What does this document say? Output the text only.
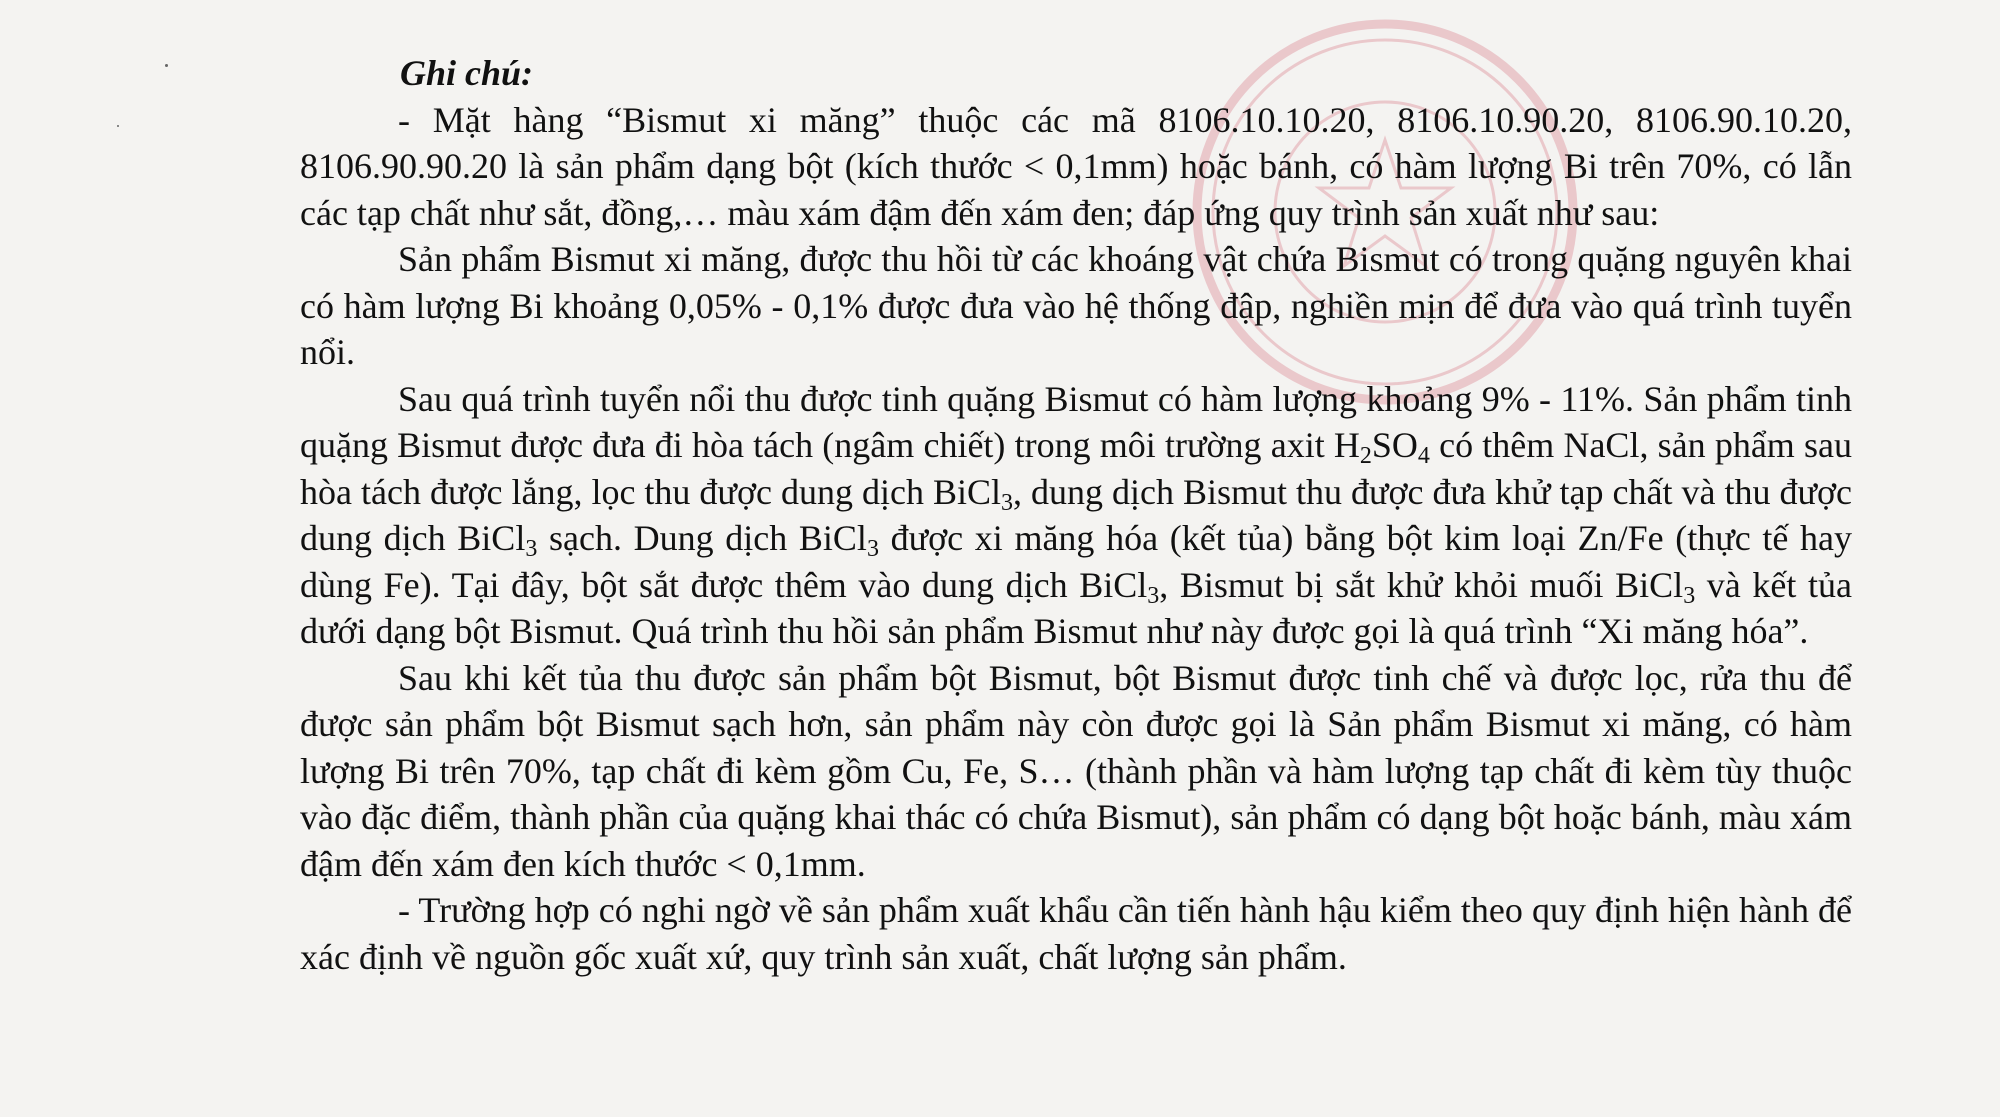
Ghi chú:

- Mặt hàng “Bismut xi măng” thuộc các mã 8106.10.10.20, 8106.10.90.20, 8106.90.10.20, 8106.90.90.20 là sản phẩm dạng bột (kích thước < 0,1mm) hoặc bánh, có hàm lượng Bi trên 70%, có lẫn các tạp chất như sắt, đồng,… màu xám đậm đến xám đen; đáp ứng quy trình sản xuất như sau:

Sản phẩm Bismut xi măng, được thu hồi từ các khoáng vật chứa Bismut có trong quặng nguyên khai có hàm lượng Bi khoảng 0,05% - 0,1% được đưa vào hệ thống đập, nghiền mịn để đưa vào quá trình tuyển nổi.

Sau quá trình tuyển nổi thu được tinh quặng Bismut có hàm lượng khoảng 9% - 11%. Sản phẩm tinh quặng Bismut được đưa đi hòa tách (ngâm chiết) trong môi trường axit $H_2SO_4$ có thêm NaCl, sản phẩm sau hòa tách được lắng, lọc thu được dung dịch BiCl$_3$, dung dịch Bismut thu được đưa khử tạp chất và thu được dung dịch BiCl$_3$ sạch. Dung dịch BiCl$_3$ được xi măng hóa (kết tủa) bằng bột kim loại Zn/Fe (thực tế hay dùng Fe). Tại đây, bột sắt được thêm vào dung dịch BiCl$_3$, Bismut bị sắt khử khỏi muối BiCl$_3$ và kết tủa dưới dạng bột Bismut. Quá trình thu hồi sản phẩm Bismut như này được gọi là quá trình “Xi măng hóa”.

Sau khi kết tủa thu được sản phẩm bột Bismut, bột Bismut được tinh chế và được lọc, rửa thu để được sản phẩm bột Bismut sạch hơn, sản phẩm này còn được gọi là Sản phẩm Bismut xi măng, có hàm lượng Bi trên 70%, tạp chất đi kèm gồm Cu, Fe, S… (thành phần và hàm lượng tạp chất đi kèm tùy thuộc vào đặc điểm, thành phần của quặng khai thác có chứa Bismut), sản phẩm có dạng bột hoặc bánh, màu xám đậm đến xám đen kích thước < 0,1mm.

- Trường hợp có nghi ngờ về sản phẩm xuất khẩu cần tiến hành hậu kiểm theo quy định hiện hành để xác định về nguồn gốc xuất xứ, quy trình sản xuất, chất lượng sản phẩm.
